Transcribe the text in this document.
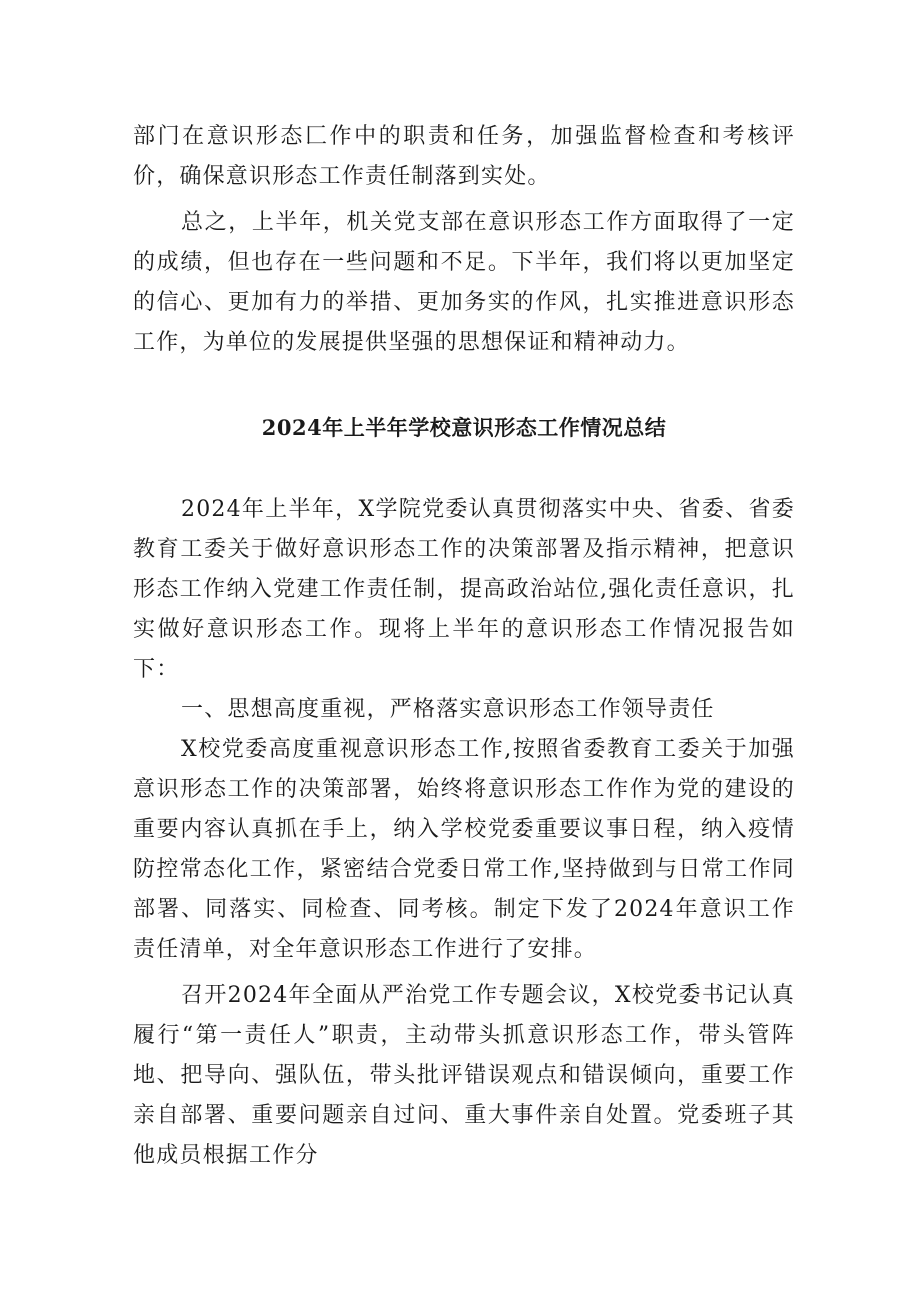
部门在意识形态匚作中的职责和任务，加强监督检查和考核评价，确保意识形态工作责任制落到实处。

总之，上半年，机关党支部在意识形态工作方面取得了一定的成绩，但也存在一些问题和不足。下半年，我们将以更加坚定的信心、更加有力的举措、更加务实的作风，扎实推进意识形态工作，为单位的发展提供坚强的思想保证和精神动力。

2024年上半年学校意识形态工作情况总结

2024年上半年，X学院党委认真贯彻落实中央、省委、省委教育工委关于做好意识形态工作的决策部署及指示精神，把意识形态工作纳入党建工作责任制，提高政治站位,强化责任意识，扎实做好意识形态工作。现将上半年的意识形态工作情况报告如下：

一、思想高度重视，严格落实意识形态工作领导责任

X校党委高度重视意识形态工作,按照省委教育工委关于加强意识形态工作的决策部署，始终将意识形态工作作为党的建设的重要内容认真抓在手上，纳入学校党委重要议事日程，纳入疫情防控常态化工作，紧密结合党委日常工作,坚持做到与日常工作同部署、同落实、同检查、同考核。制定下发了2024年意识工作责任清单，对全年意识形态工作进行了安排。

召开2024年全面从严治党工作专题会议，X校党委书记认真履行“第一责任人”职责，主动带头抓意识形态工作，带头管阵地、把导向、强队伍，带头批评错误观点和错误倾向，重要工作亲自部署、重要问题亲自过问、重大事件亲自处置。党委班子其他成员根据工作分
